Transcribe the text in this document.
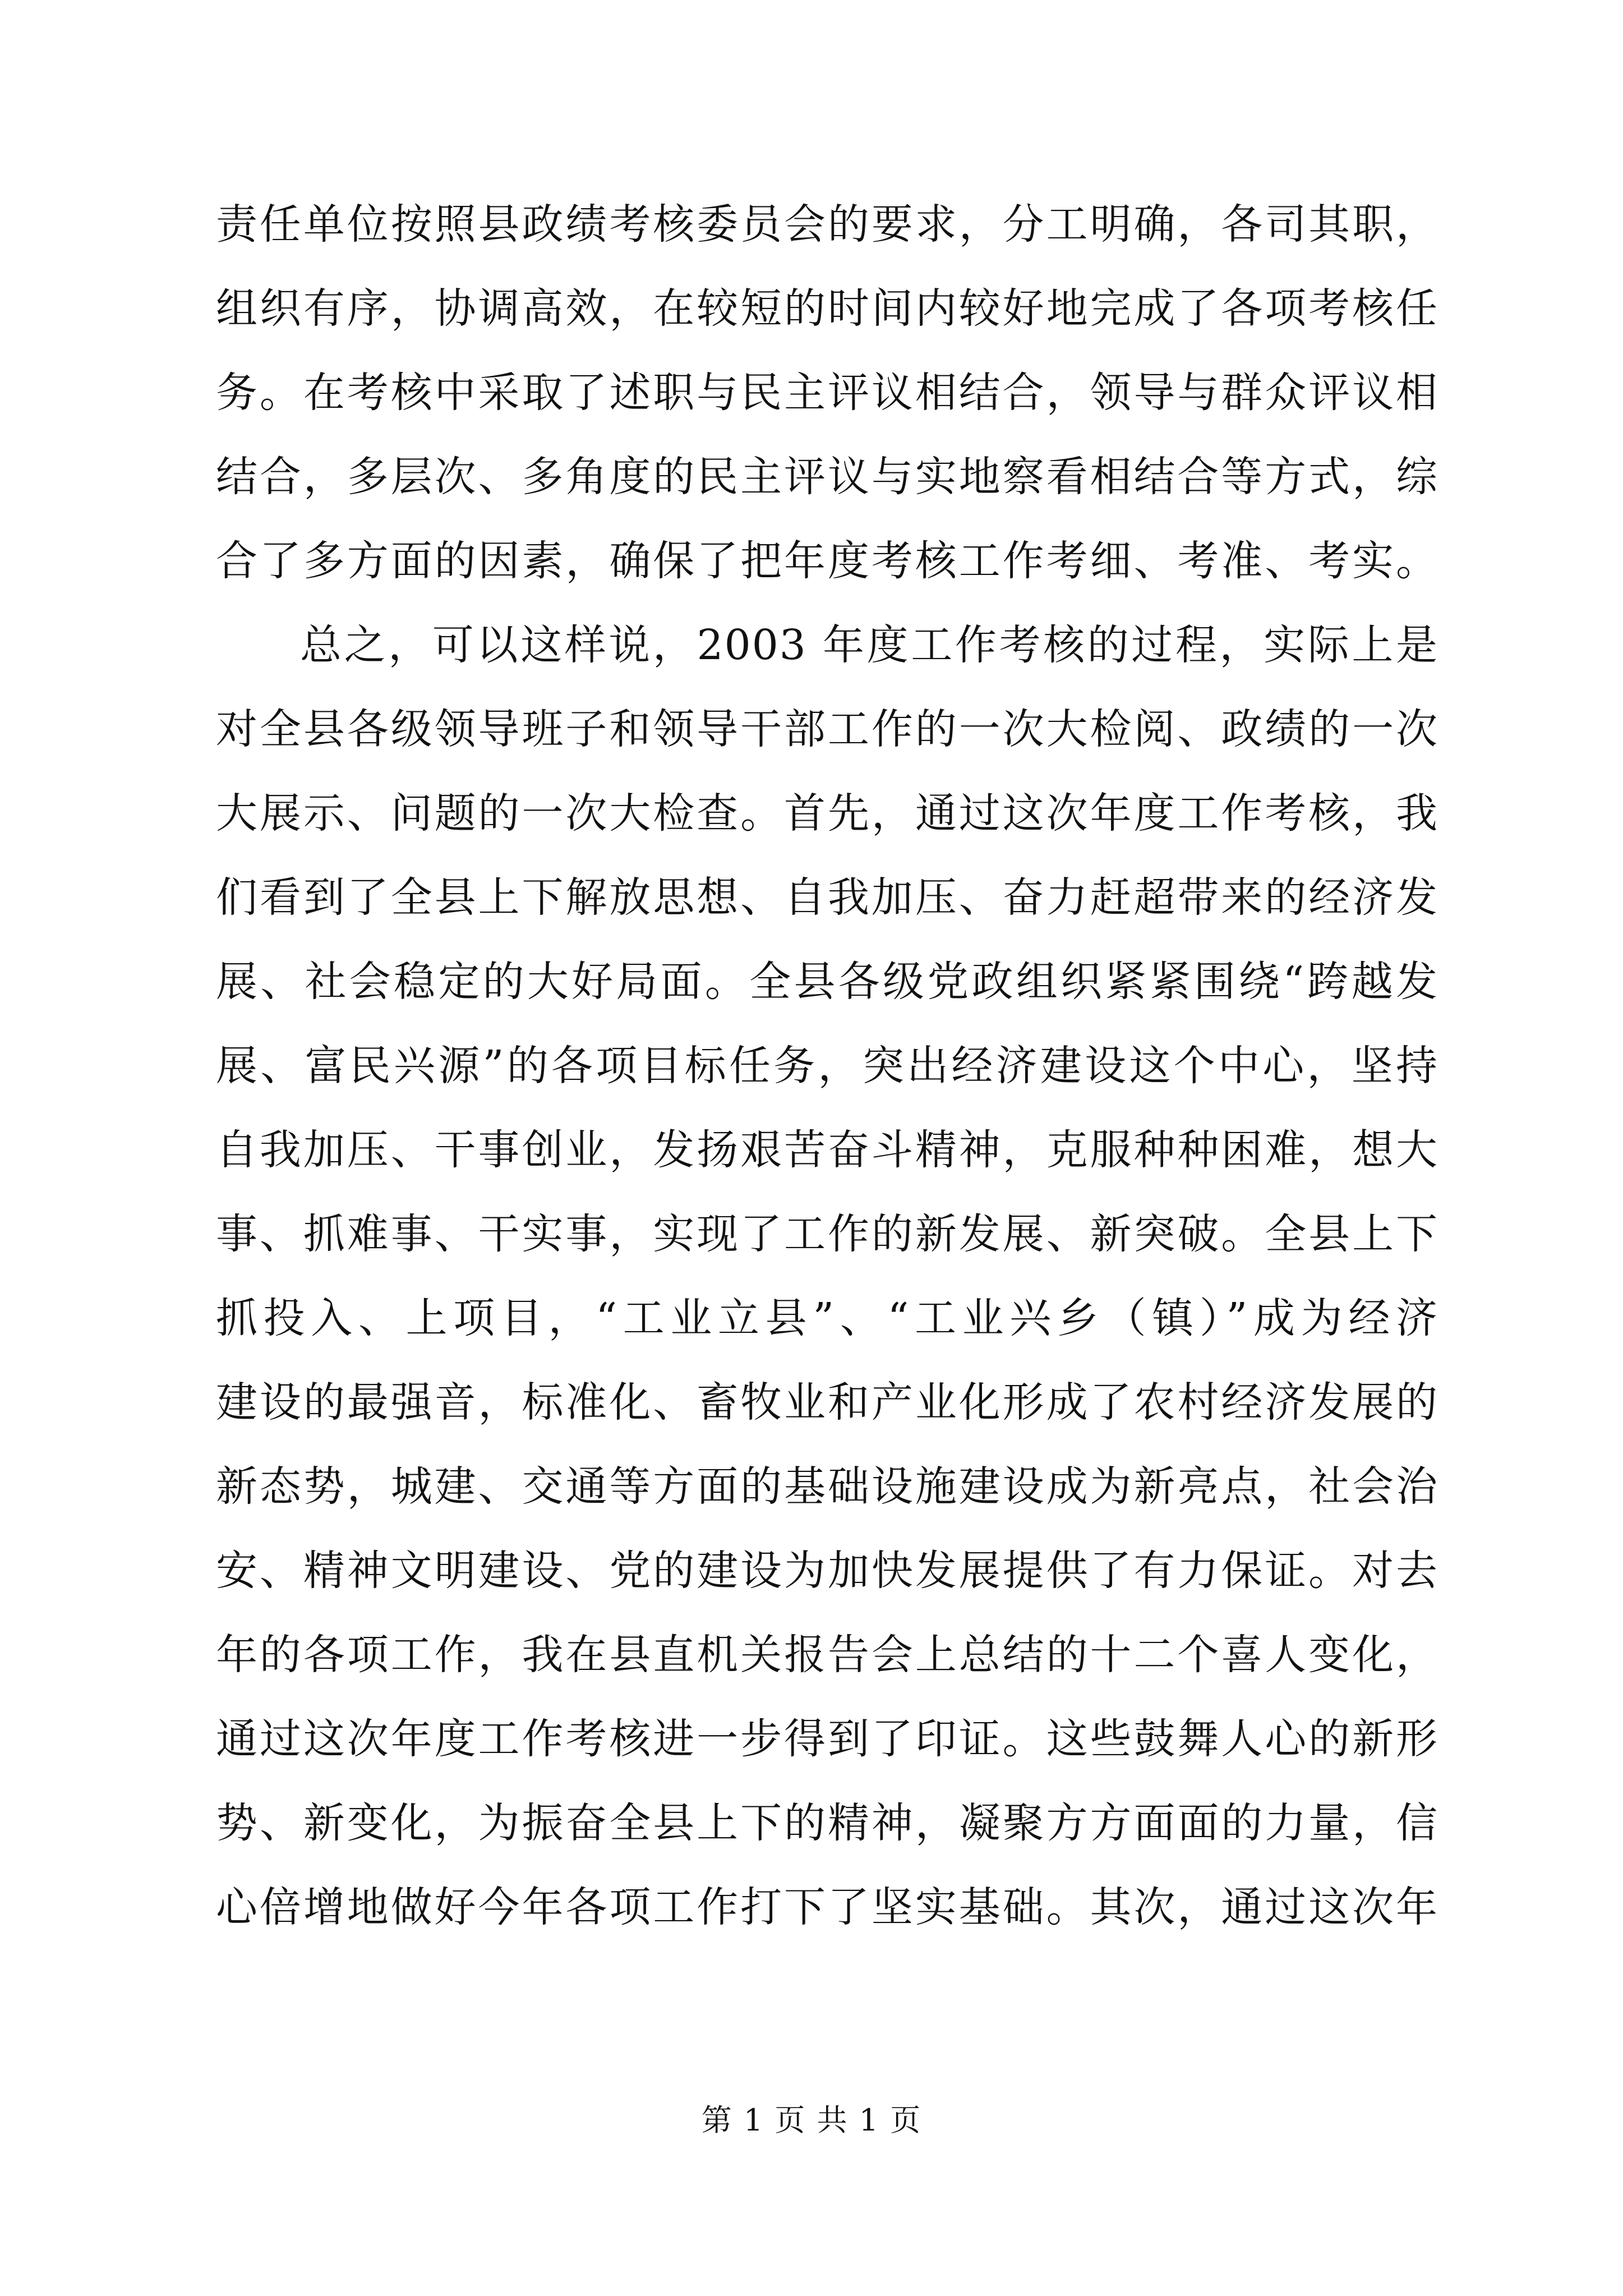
责任单位按照县政绩考核委员会的要求，分工明确，各司其职，
组织有序，协调高效，在较短的时间内较好地完成了各项考核任
务。在考核中采取了述职与民主评议相结合，领导与群众评议相
结合，多层次、多角度的民主评议与实地察看相结合等方式，综
合了多方面的因素，确保了把年度考核工作考细、考准、考实。
总之，可以这样说，2003 年度工作考核的过程，实际上是
对全县各级领导班子和领导干部工作的一次大检阅、政绩的一次
大展示、问题的一次大检查。首先，通过这次年度工作考核，我
们看到了全县上下解放思想、自我加压、奋力赶超带来的经济发
展、社会稳定的大好局面。全县各级党政组织紧紧围绕“跨越发
展、富民兴源”的各项目标任务，突出经济建设这个中心，坚持
自我加压、干事创业，发扬艰苦奋斗精神，克服种种困难，想大
事、抓难事、干实事，实现了工作的新发展、新突破。全县上下
抓投入、上项目，“工业立县”、“工业兴乡（镇）”成为经济
建设的最强音，标准化、畜牧业和产业化形成了农村经济发展的
新态势，城建、交通等方面的基础设施建设成为新亮点，社会治
安、精神文明建设、党的建设为加快发展提供了有力保证。对去
年的各项工作，我在县直机关报告会上总结的十二个喜人变化，
通过这次年度工作考核进一步得到了印证。这些鼓舞人心的新形
势、新变化，为振奋全县上下的精神，凝聚方方面面的力量，信
心倍增地做好今年各项工作打下了坚实基础。其次，通过这次年
第 1 页 共 1 页
